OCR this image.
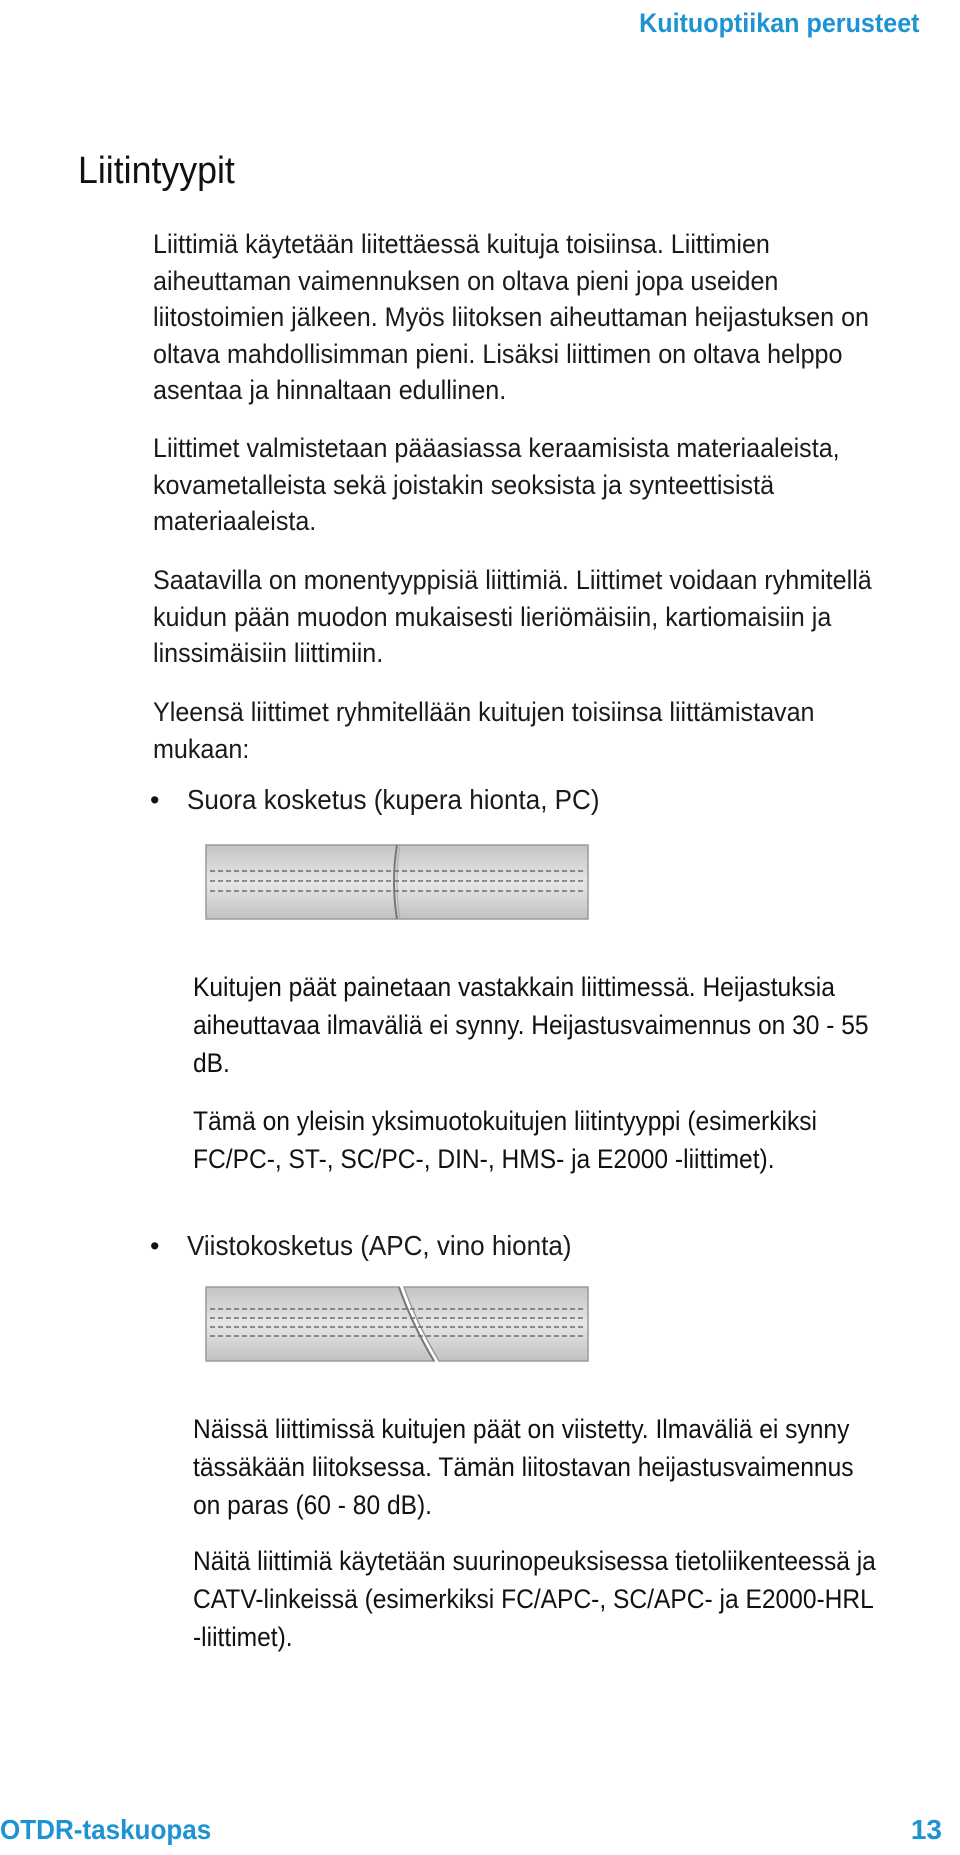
Kuituoptiikan perusteet
Liitintyypit

Liittimiä käytetään liitettäessä kuituja toisiinsa. Liittimien aiheuttaman vaimennuksen on oltava pieni jopa useiden liitostoimien jälkeen. Myös liitoksen aiheuttaman heijastuksen on oltava mahdollisimman pieni. Lisäksi liittimen on oltava helppo asentaa ja hinnaltaan edullinen.

Liittimet valmistetaan pääasiassa keraamisista materiaaleista, kovametalleista sekä joistakin seoksista ja synteettisistä materiaaleista.

Saatavilla on monentyyppisiä liittimiä. Liittimet voidaan ryhmitellä kuidun pään muodon mukaisesti lieriömäisiin, kartiomaisiin ja linssimäisiin liittimiin.

Yleensä liittimet ryhmitellään kuitujen toisiinsa liittämistavan mukaan:

• Suora kosketus (kupera hionta, PC)

Kuitujen päät painetaan vastakkain liittimessä. Heijastuksia aiheuttavaa ilmaväliä ei synny. Heijastusvaimennus on 30 - 55 dB.

Tämä on yleisin yksimuotokuitujen liitintyyppi (esimerkiksi FC/PC-, ST-, SC/PC-, DIN-, HMS- ja E2000 -liittimet).

• Viistokosketus (APC, vino hionta)

Näissä liittimissä kuitujen päät on viistetty. Ilmaväliä ei synny tässäkään liitoksessa. Tämän liitostavan heijastusvaimennus on paras (60 - 80 dB).

Näitä liittimiä käytetään suurinopeuksisessa tietoliikenteessä ja CATV-linkeissä (esimerkiksi FC/APC-, SC/APC- ja E2000-HRL -liittimet).

OTDR-taskuopas	13
